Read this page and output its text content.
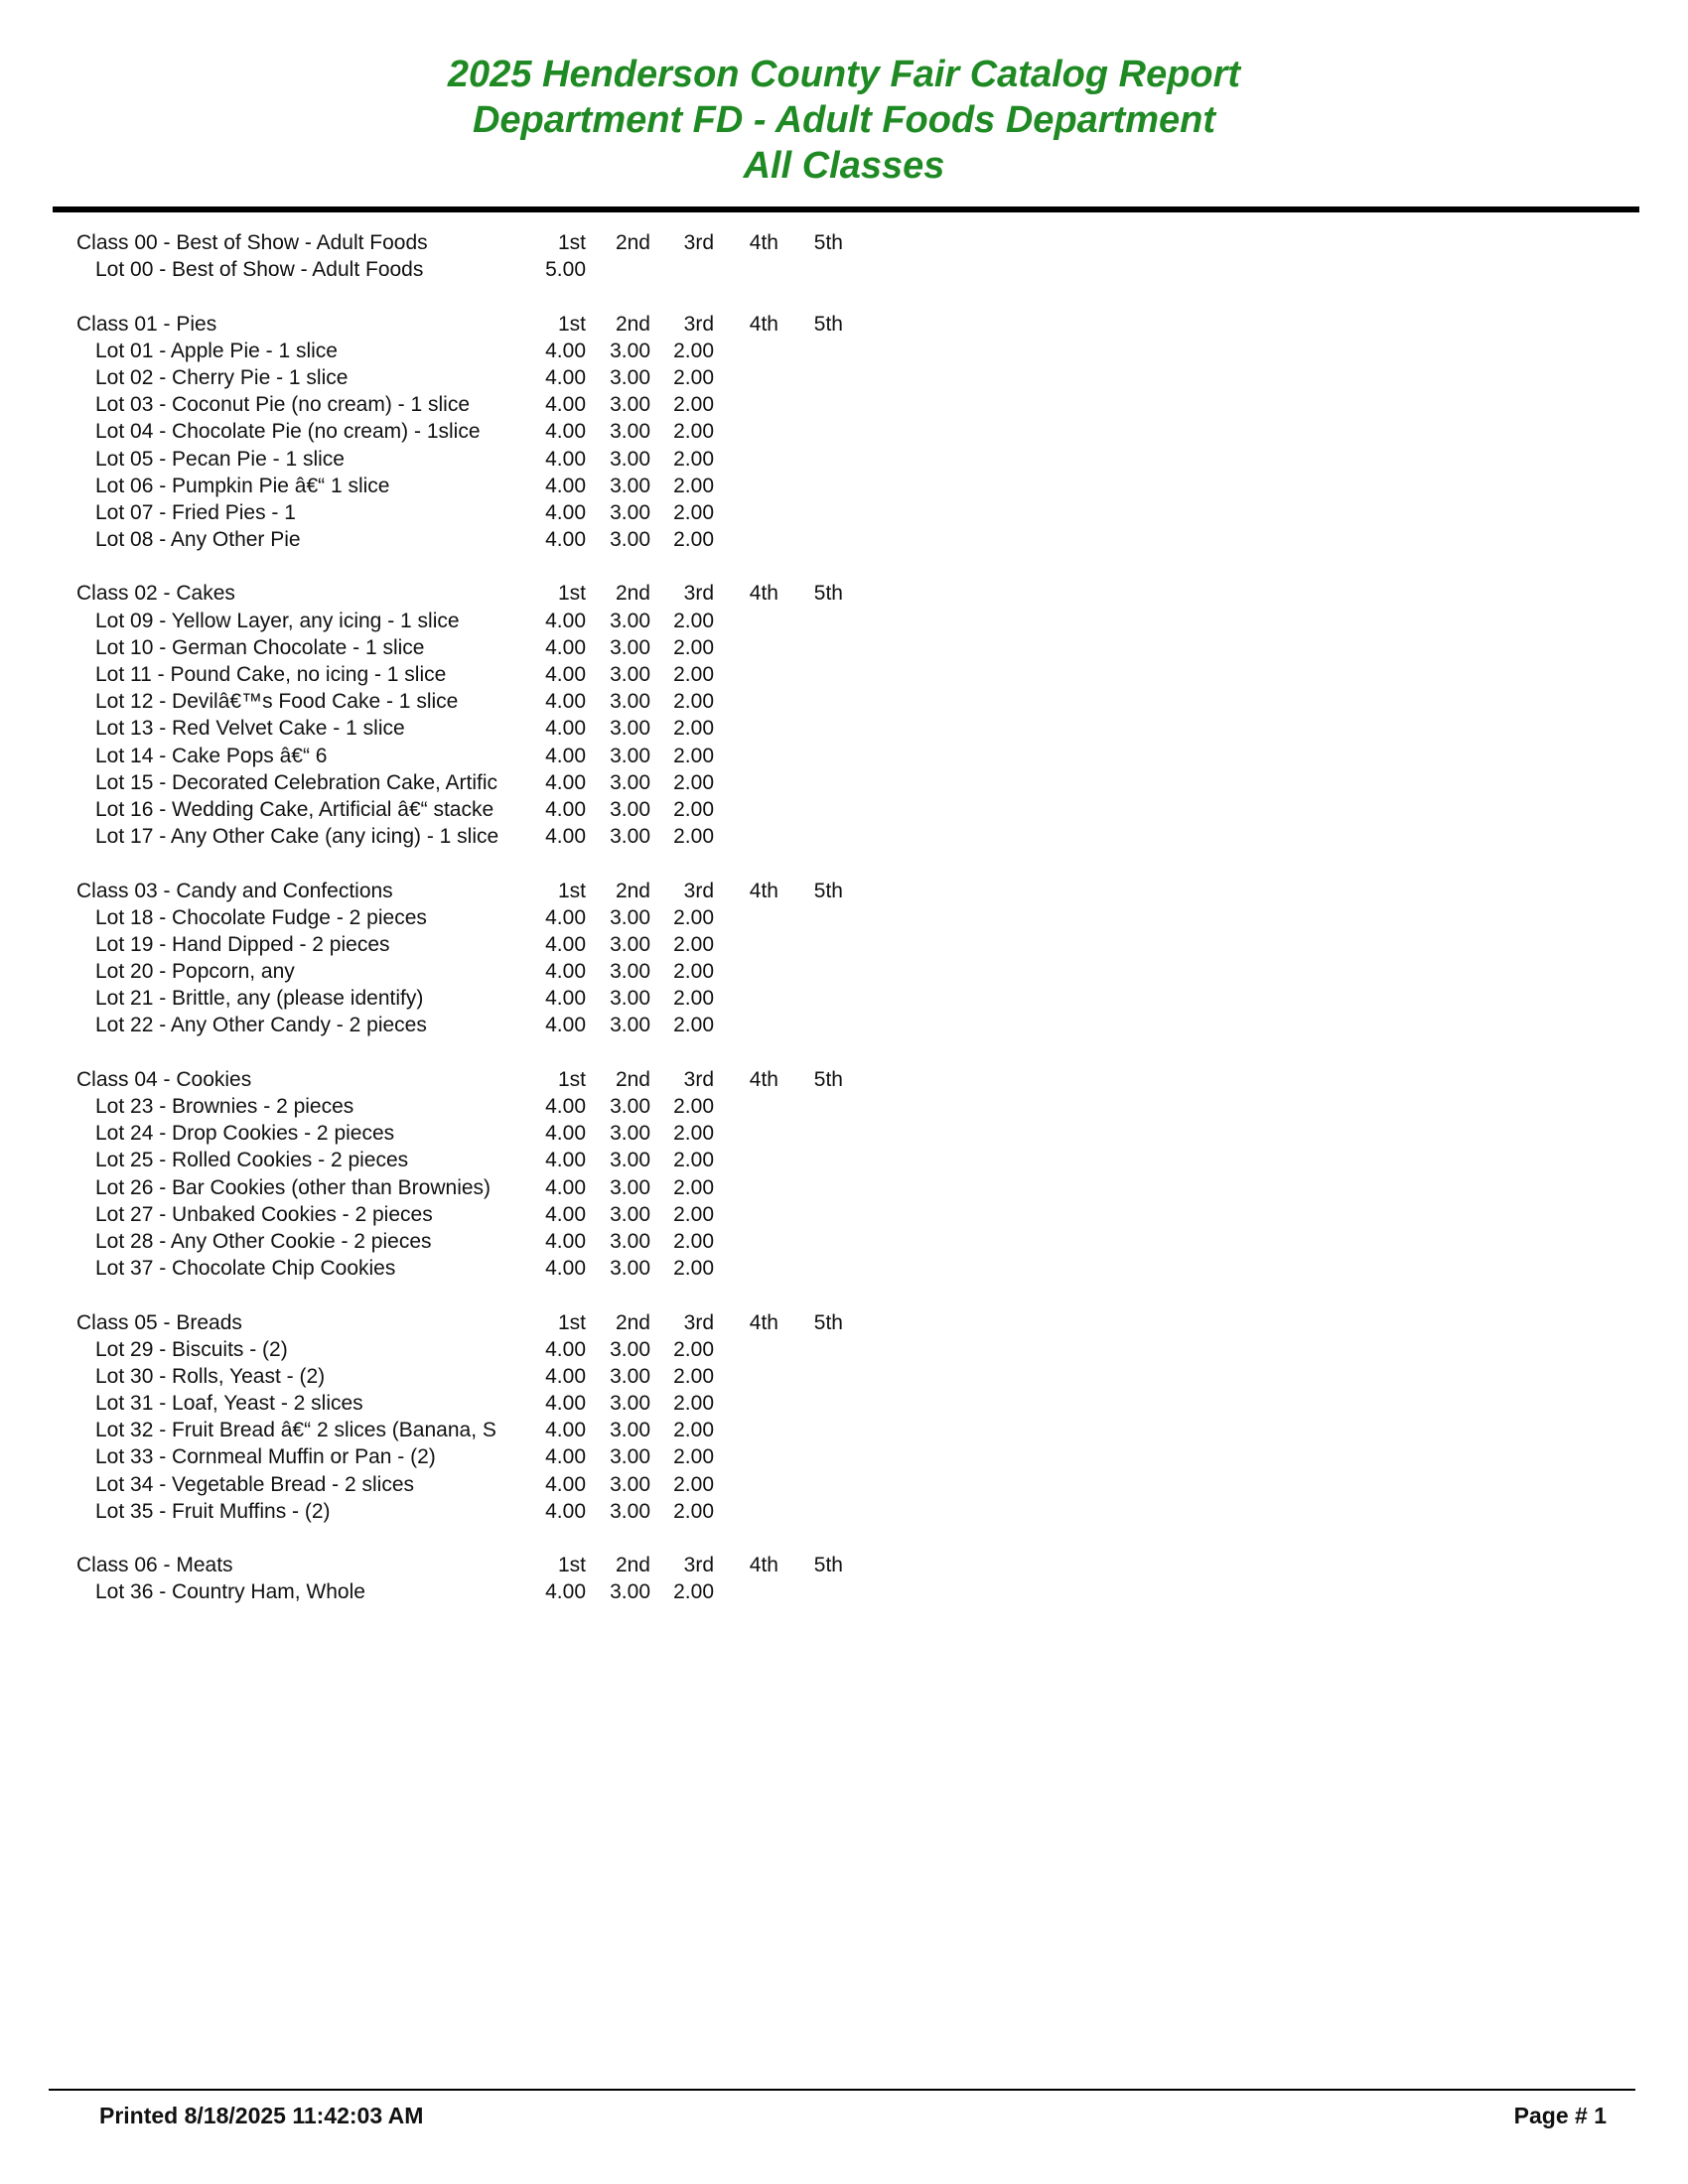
2025 Henderson County Fair Catalog Report
Department FD - Adult Foods Department
All Classes
Class 00 - Best of Show - Adult Foods	1st	2nd	3rd	4th	5th
Lot 00 - Best of Show - Adult Foods	5.00
Class 01 - Pies	1st	2nd	3rd	4th	5th
Lot 01 - Apple Pie - 1 slice	4.00	3.00	2.00
Lot 02 - Cherry Pie - 1 slice	4.00	3.00	2.00
Lot 03 - Coconut Pie (no cream) - 1 slice	4.00	3.00	2.00
Lot 04 - Chocolate Pie (no cream) - 1slice	4.00	3.00	2.00
Lot 05 - Pecan Pie - 1 slice	4.00	3.00	2.00
Lot 06 - Pumpkin Pie â€“ 1 slice	4.00	3.00	2.00
Lot 07 - Fried Pies - 1	4.00	3.00	2.00
Lot 08 - Any Other Pie	4.00	3.00	2.00
Class 02 - Cakes	1st	2nd	3rd	4th	5th
Lot 09 - Yellow Layer, any icing - 1 slice	4.00	3.00	2.00
Lot 10 - German Chocolate - 1 slice	4.00	3.00	2.00
Lot 11 - Pound Cake, no icing - 1 slice	4.00	3.00	2.00
Lot 12 - Devilâ€™s Food Cake - 1 slice	4.00	3.00	2.00
Lot 13 - Red Velvet Cake - 1 slice	4.00	3.00	2.00
Lot 14 - Cake Pops â€“ 6	4.00	3.00	2.00
Lot 15 - Decorated Celebration Cake, Artific	4.00	3.00	2.00
Lot 16 - Wedding Cake, Artificial â€“ stacke	4.00	3.00	2.00
Lot 17 - Any Other Cake (any icing) - 1 slice	4.00	3.00	2.00
Class 03 - Candy and Confections	1st	2nd	3rd	4th	5th
Lot 18 - Chocolate Fudge - 2 pieces	4.00	3.00	2.00
Lot 19 - Hand Dipped - 2 pieces	4.00	3.00	2.00
Lot 20 - Popcorn, any	4.00	3.00	2.00
Lot 21 - Brittle, any (please identify)	4.00	3.00	2.00
Lot 22 - Any Other Candy - 2 pieces	4.00	3.00	2.00
Class 04 - Cookies	1st	2nd	3rd	4th	5th
Lot 23 - Brownies - 2 pieces	4.00	3.00	2.00
Lot 24 - Drop Cookies - 2 pieces	4.00	3.00	2.00
Lot 25 - Rolled Cookies - 2 pieces	4.00	3.00	2.00
Lot 26 - Bar Cookies (other than Brownies)	4.00	3.00	2.00
Lot 27 - Unbaked Cookies - 2 pieces	4.00	3.00	2.00
Lot 28 - Any Other Cookie - 2 pieces	4.00	3.00	2.00
Lot 37 - Chocolate Chip Cookies	4.00	3.00	2.00
Class 05 - Breads	1st	2nd	3rd	4th	5th
Lot 29 - Biscuits - (2)	4.00	3.00	2.00
Lot 30 - Rolls, Yeast - (2)	4.00	3.00	2.00
Lot 31 - Loaf, Yeast - 2 slices	4.00	3.00	2.00
Lot 32 - Fruit Bread â€“ 2 slices (Banana, S	4.00	3.00	2.00
Lot 33 - Cornmeal Muffin or Pan - (2)	4.00	3.00	2.00
Lot 34 - Vegetable Bread - 2 slices	4.00	3.00	2.00
Lot 35 - Fruit Muffins - (2)	4.00	3.00	2.00
Class 06 - Meats	1st	2nd	3rd	4th	5th
Lot 36 - Country Ham, Whole	4.00	3.00	2.00
Printed 8/18/2025 11:42:03 AM	Page # 1
